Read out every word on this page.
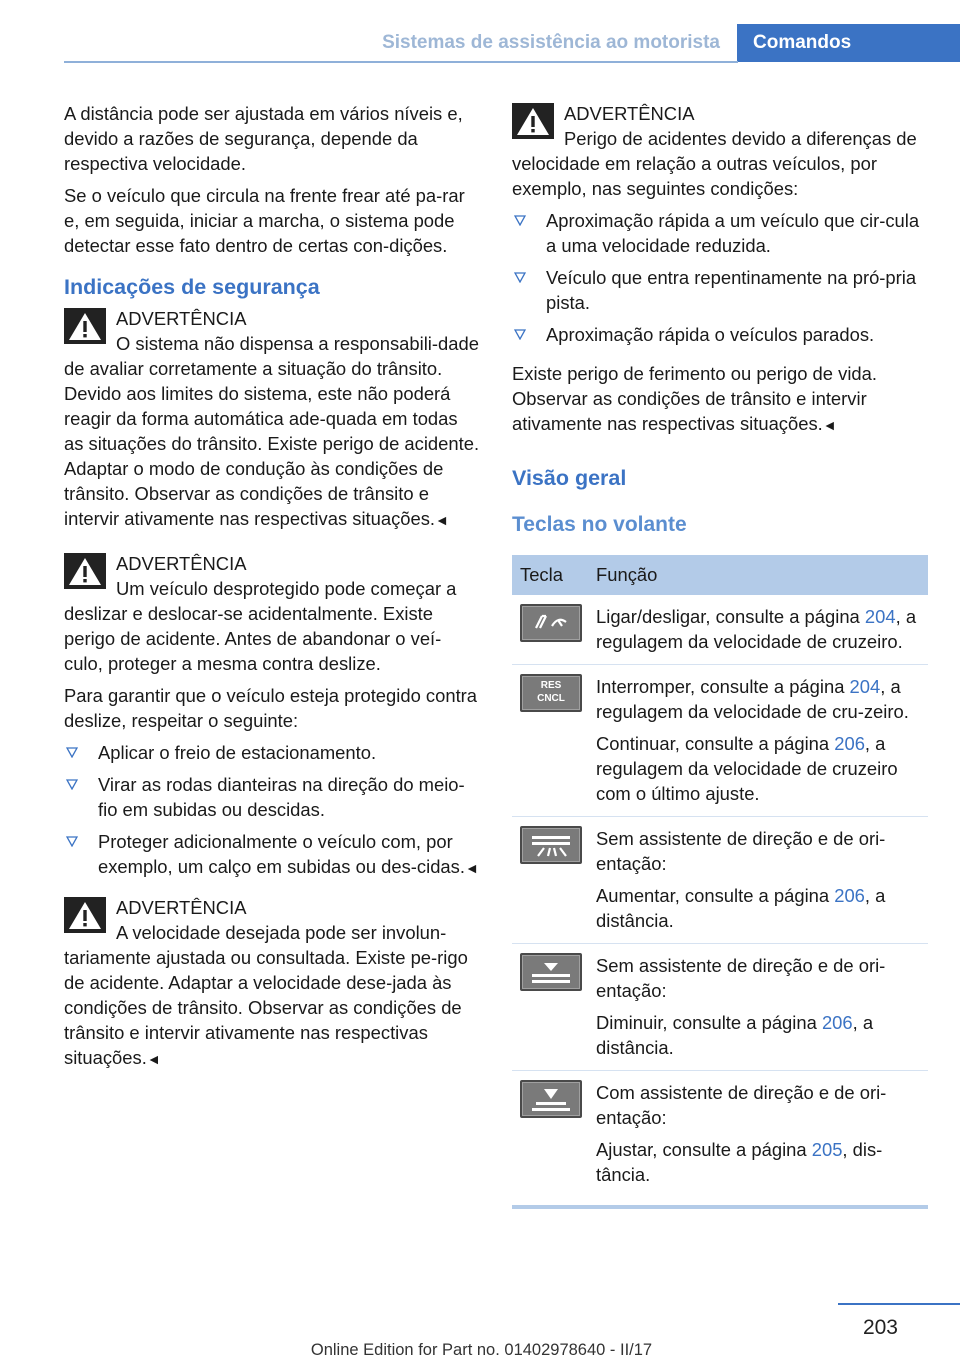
Sistemas de assistência ao motorista	Comandos

A distância pode ser ajustada em vários níveis e, devido a razões de segurança, depende da respectiva velocidade.

Se o veículo que circula na frente frear até pa‐rar e, em seguida, iniciar a marcha, o sistema pode detectar esse fato dentro de certas con‐dições.

Indicações de segurança
ADVERTÊNCIA
O sistema não dispensa a responsabili‐dade de avaliar corretamente a situação do trânsito. Devido aos limites do sistema, este não poderá reagir da forma automática ade‐quada em todas as situações do trânsito. Existe perigo de acidente. Adaptar o modo de condução às condições de trânsito. Observar as condições de trânsito e intervir ativamente nas respectivas situações.◄
ADVERTÊNCIA
Um veículo desprotegido pode começar a deslizar e deslocar-se acidentalmente. Existe perigo de acidente. Antes de abandonar o veí‐culo, proteger a mesma contra deslize.

Para garantir que o veículo esteja protegido contra deslize, respeitar o seguinte:

Aplicar o freio de estacionamento.
Virar as rodas dianteiras na direção do meio-fio em subidas ou descidas.
Proteger adicionalmente o veículo com, por exemplo, um calço em subidas ou des‐cidas.◄
ADVERTÊNCIA
A velocidade desejada pode ser involun‐tariamente ajustada ou consultada. Existe pe‐rigo de acidente. Adaptar a velocidade dese‐jada às condições de trânsito. Observar as condições de trânsito e intervir ativamente nas respectivas situações.◄
ADVERTÊNCIA
Perigo de acidentes devido a diferenças de velocidade em relação a outras veículos, por exemplo, nas seguintes condições:
Aproximação rápida a um veículo que cir‐cula a uma velocidade reduzida.
Veículo que entra repentinamente na pró‐pria pista.
Aproximação rápida o veículos parados.

Existe perigo de ferimento ou perigo de vida. Observar as condições de trânsito e intervir ativamente nas respectivas situações.◄

Visão geral
Teclas no volante
Tecla	Função

Ligar/desligar, consulte a página 204, a regulagem da velocidade de cruzeiro.

RES
CNCL	Interromper, consulte a página 204, a regulagem da velocidade de cru‐zeiro.
Continuar, consulte a página 206, a regulagem da velocidade de cruzeiro com o último ajuste.

Sem assistente de direção e de ori‐entação:
Aumentar, consulte a página 206, a distância.

Sem assistente de direção e de ori‐entação:
Diminuir, consulte a página 206, a distância.

Com assistente de direção e de ori‐entação:
Ajustar, consulte a página 205, dis‐tância.
203
Online Edition for Part no. 01402978640 - II/17
